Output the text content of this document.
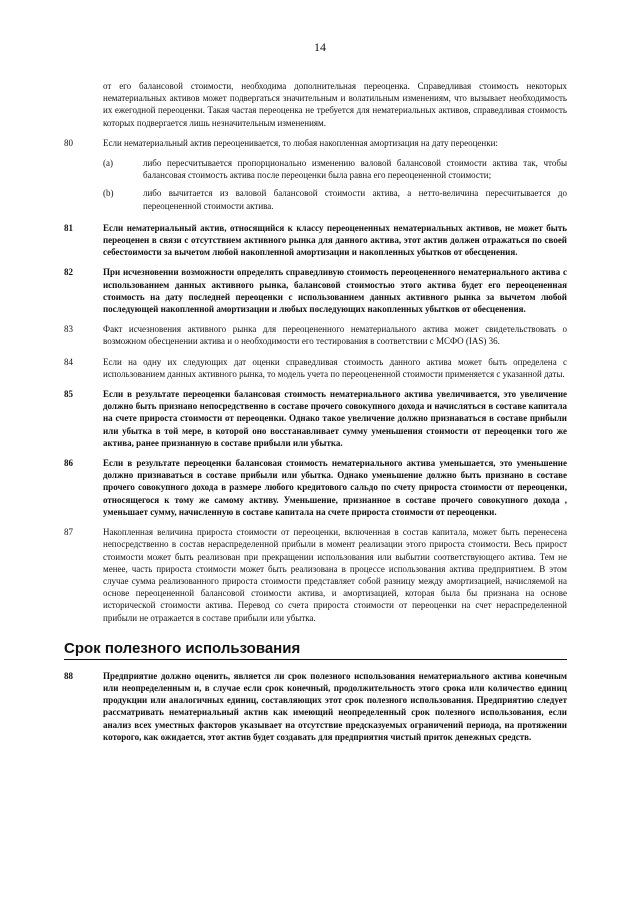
14
от его балансовой стоимости, необходима дополнительная переоценка. Справедливая стоимость некоторых нематериальных активов может подвергаться значительным и волатильным изменениям, что вызывает необходимость их ежегодной переоценки. Такая частая переоценка не требуется для нематериальных активов, справедливая стоимость которых подвергается лишь незначительным изменениям.
80	Если нематериальный актив переоценивается, то любая накопленная амортизация на дату переоценки:
(a)	либо пересчитывается пропорционально изменению валовой балансовой стоимости актива так, чтобы балансовая стоимость актива после переоценки была равна его переоцененной стоимости;
(b)	либо вычитается из валовой балансовой стоимости актива, а нетто-величина пересчитывается до переоцененной стоимости актива.
81	Если нематериальный актив, относящийся к классу переоцененных нематериальных активов, не может быть переоценен в связи с отсутствием активного рынка для данного актива, этот актив должен отражаться по своей себестоимости за вычетом любой накопленной амортизации и накопленных убытков от обесценения.
82	При исчезновении возможности определять справедливую стоимость переоцененного нематериального актива с использованием данных активного рынка, балансовой стоимостью этого актива будет его переоцененная стоимость на дату последней переоценки с использованием данных активного рынка за вычетом любой последующей накопленной амортизации и любых последующих накопленных убытков от обесценения.
83	Факт исчезновения активного рынка для переоцененного нематериального актива может свидетельствовать о возможном обесценении актива и о необходимости его тестирования в соответствии с МСФО (IAS) 36.
84	Если на одну их следующих дат оценки справедливая стоимость данного актива может быть определена с использованием данных активного рынка, то модель учета по переоцененной стоимости применяется с указанной даты.
85	Если в результате переоценки балансовая стоимость нематериального актива увеличивается, это увеличение должно быть признано непосредственно в составе прочего совокупного дохода и начисляться в составе капитала на счете прироста стоимости от переоценки. Однако такое увеличение должно признаваться в составе прибыли или убытка в той мере, в которой оно восстанавливает сумму уменьшения стоимости от переоценки того же актива, ранее признанную в составе прибыли или убытка.
86	Если в результате переоценки балансовая стоимость нематериального актива уменьшается, это уменьшение должно признаваться в составе прибыли или убытка. Однако уменьшение должно быть признано в составе прочего совокупного дохода в размере любого кредитового сальдо по счету прироста стоимости от переоценки, относящегося к тому же самому активу. Уменьшение, признанное в составе прочего совокупного дохода , уменьшает сумму, начисленную в составе капитала на счете прироста стоимости от переоценки.
87	Накопленная величина прироста стоимости от переоценки, включенная в состав капитала, может быть перенесена непосредственно в состав нераспределенной прибыли в момент реализации этого прироста стоимости. Весь прирост стоимости может быть реализован при прекращении использования или выбытии соответствующего актива. Тем не менее, часть прироста стоимости может быть реализована в процессе использования актива предприятием. В этом случае сумма реализованного прироста стоимости представляет собой разницу между амортизацией, начисляемой на основе переоцененной балансовой стоимости актива, и амортизацией, которая была бы признана на основе исторической стоимости актива. Перевод со счета прироста стоимости от переоценки на счет нераспределенной прибыли не отражается в составе прибыли или убытка.
Срок полезного использования
88	Предприятие должно оценить, является ли срок полезного использования нематериального актива конечным или неопределенным и, в случае если срок конечный, продолжительность этого срока или количество единиц продукции или аналогичных единиц, составляющих этот срок полезного использования. Предприятию следует рассматривать нематериальный актив как имеющий неопределенный срок полезного использования, если анализ всех уместных факторов указывает на отсутствие предсказуемых ограничений периода, на протяжении которого, как ожидается, этот актив будет создавать для предприятия чистый приток денежных средств.
